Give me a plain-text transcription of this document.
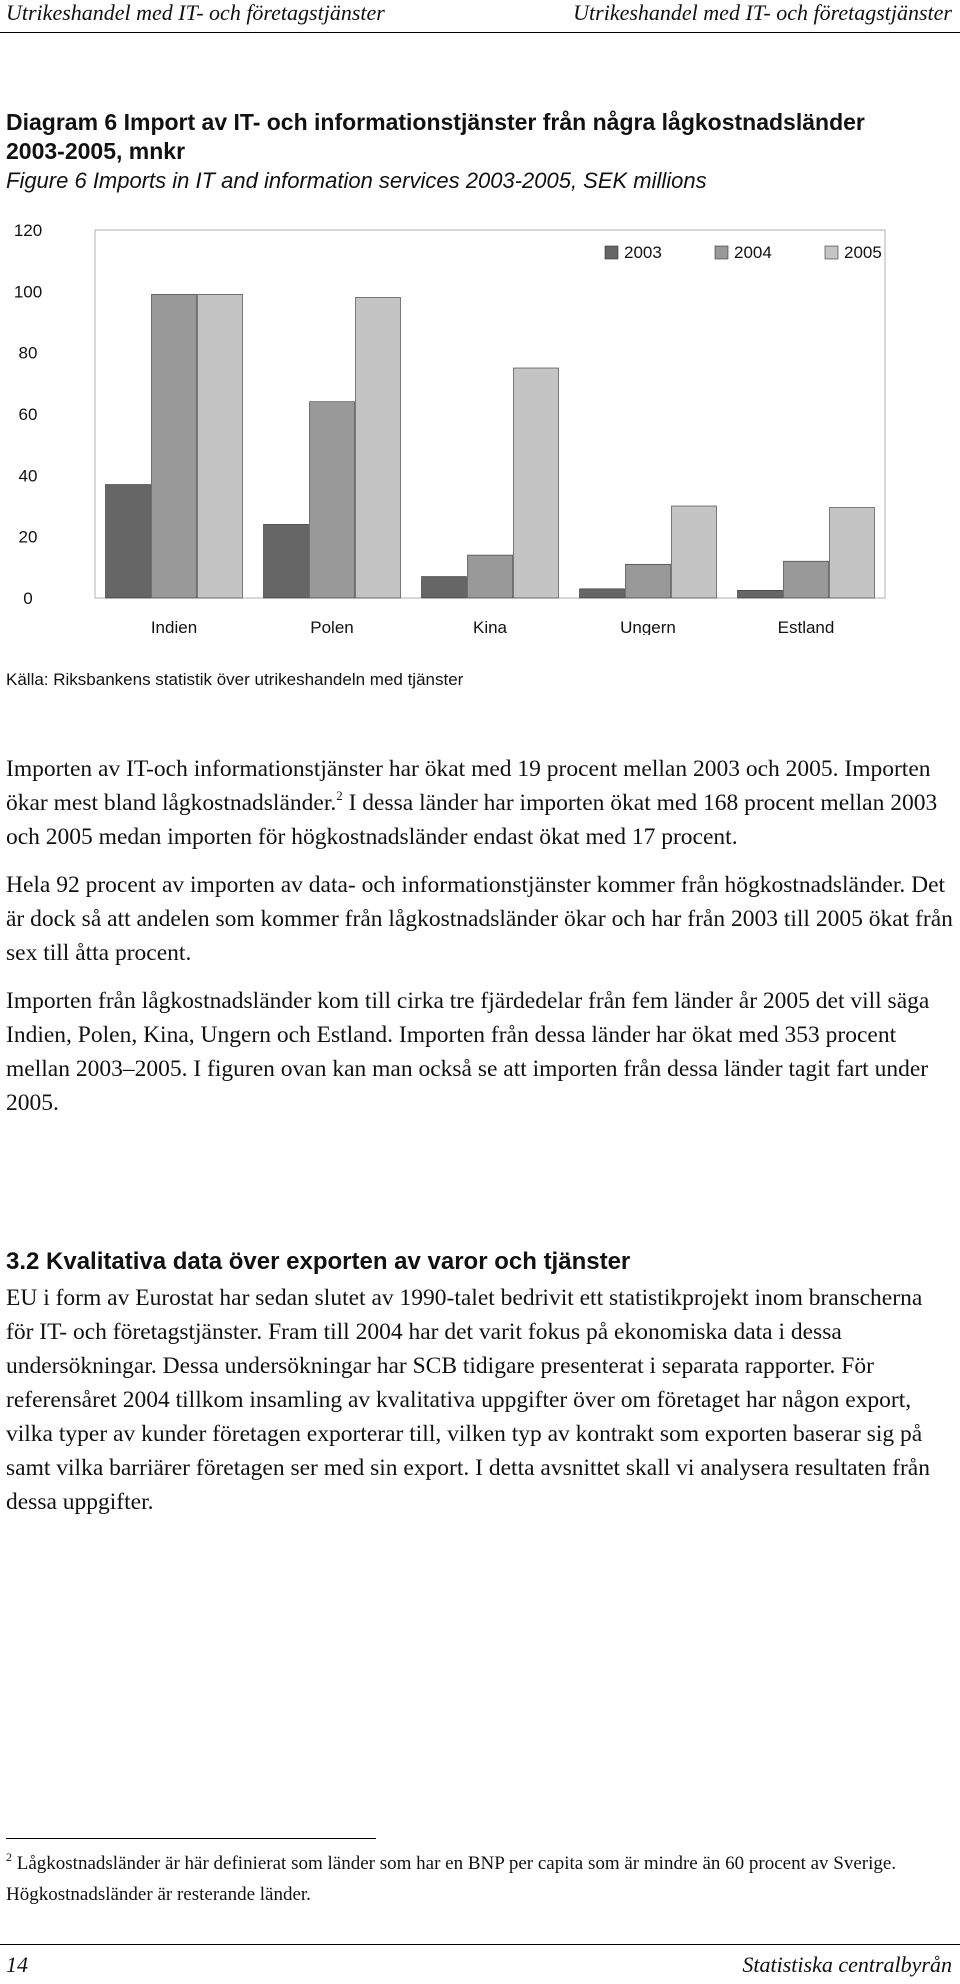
Utrikeshandel med IT- och företagstjänster	Utrikeshandel med IT- och företagstjänster
Diagram 6 Import av IT- och informationstjänster från några lågkostnadsländer 2003-2005, mnkr
Figure 6 Imports in IT and information services 2003-2005, SEK millions
0
20
40
60
80
100
120
Indien	Polen	Kina	Ungern	Estland
2003	2004	2005
Källa: Riksbankens statistik över utrikeshandeln med tjänster

Importen av IT-och informationstjänster har ökat med 19 procent mellan 2003 och 2005. Importen ökar mest bland lågkostnadsländer.$^2$ I dessa länder har importen ökat med 168 procent mellan 2003 och 2005 medan importen för högkostnadsländer endast ökat med 17 procent.

Hela 92 procent av importen av data- och informationstjänster kommer från högkostnadsländer. Det är dock så att andelen som kommer från lågkostnadsländer ökar och har från 2003 till 2005 ökat från sex till åtta procent.

Importen från lågkostnadsländer kom till cirka tre fjärdedelar från fem länder år 2005 det vill säga Indien, Polen, Kina, Ungern och Estland. Importen från dessa länder har ökat med 353 procent mellan 2003–2005. I figuren ovan kan man också se att importen från dessa länder tagit fart under 2005.

3.2 Kvalitativa data över exporten av varor och tjänster

EU i form av Eurostat har sedan slutet av 1990-talet bedrivit ett statistikprojekt inom branscherna för IT- och företagstjänster. Fram till 2004 har det varit fokus på ekonomiska data i dessa undersökningar. Dessa undersökningar har SCB tidigare presenterat i separata rapporter. För referensåret 2004 tillkom insamling av kvalitativa uppgifter över om företaget har någon export, vilka typer av kunder företagen exporterar till, vilken typ av kontrakt som exporten baserar sig på samt vilka barriärer företagen ser med sin export. I detta avsnittet skall vi analysera resultaten från dessa uppgifter.

$^2$ Lågkostnadsländer är här definierat som länder som har en BNP per capita som är mindre än 60 procent av Sverige. Högkostnadsländer är resterande länder.
14	Statistiska centralbyrån
